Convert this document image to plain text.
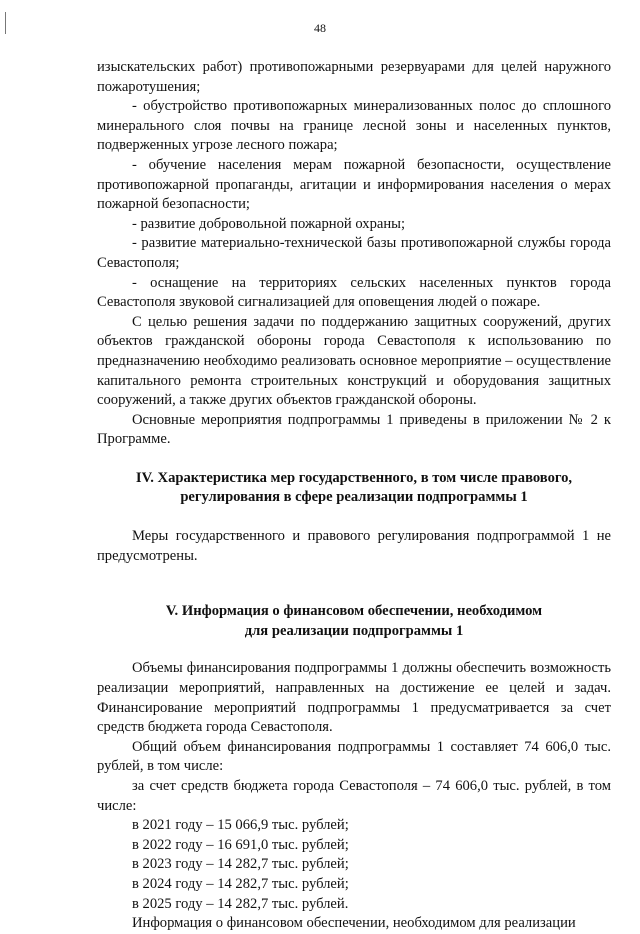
48

изыскательских работ) противопожарными резервуарами для целей наружного пожаротушения;

- обустройство противопожарных минерализованных полос до сплошного минерального слоя почвы на границе лесной зоны и населенных пунктов, подверженных угрозе лесного пожара;

- обучение населения мерам пожарной безопасности, осуществление противопожарной пропаганды, агитации и информирования населения о мерах пожарной безопасности;

- развитие добровольной пожарной охраны;

- развитие материально-технической базы противопожарной службы города Севастополя;

- оснащение на территориях сельских населенных пунктов города Севастополя звуковой сигнализацией для оповещения людей о пожаре.

С целью решения задачи по поддержанию защитных сооружений, других объектов гражданской обороны города Севастополя к использованию по предназначению необходимо реализовать основное мероприятие – осуществление капитального ремонта строительных конструкций и оборудования защитных сооружений, а также других объектов гражданской обороны.

Основные мероприятия подпрограммы 1 приведены в приложении № 2 к Программе.

IV. Характеристика мер государственного, в том числе правового,
регулирования в сфере реализации подпрограммы 1

Меры государственного и правового регулирования подпрограммой 1 не предусмотрены.

V. Информация о финансовом обеспечении, необходимом
для реализации подпрограммы 1

Объемы финансирования подпрограммы 1 должны обеспечить возможность реализации мероприятий, направленных на достижение ее целей и задач. Финансирование мероприятий подпрограммы 1 предусматривается за счет средств бюджета города Севастополя.

Общий объем финансирования подпрограммы 1 составляет 74 606,0 тыс. рублей, в том числе:

за счет средств бюджета города Севастополя – 74 606,0 тыс. рублей, в том числе:

в 2021 году – 15 066,9 тыс. рублей;

в 2022 году – 16 691,0 тыс. рублей;

в 2023 году – 14 282,7 тыс. рублей;

в 2024 году – 14 282,7 тыс. рублей;

в 2025 году – 14 282,7 тыс. рублей.

Информация о финансовом обеспечении, необходимом для реализации
